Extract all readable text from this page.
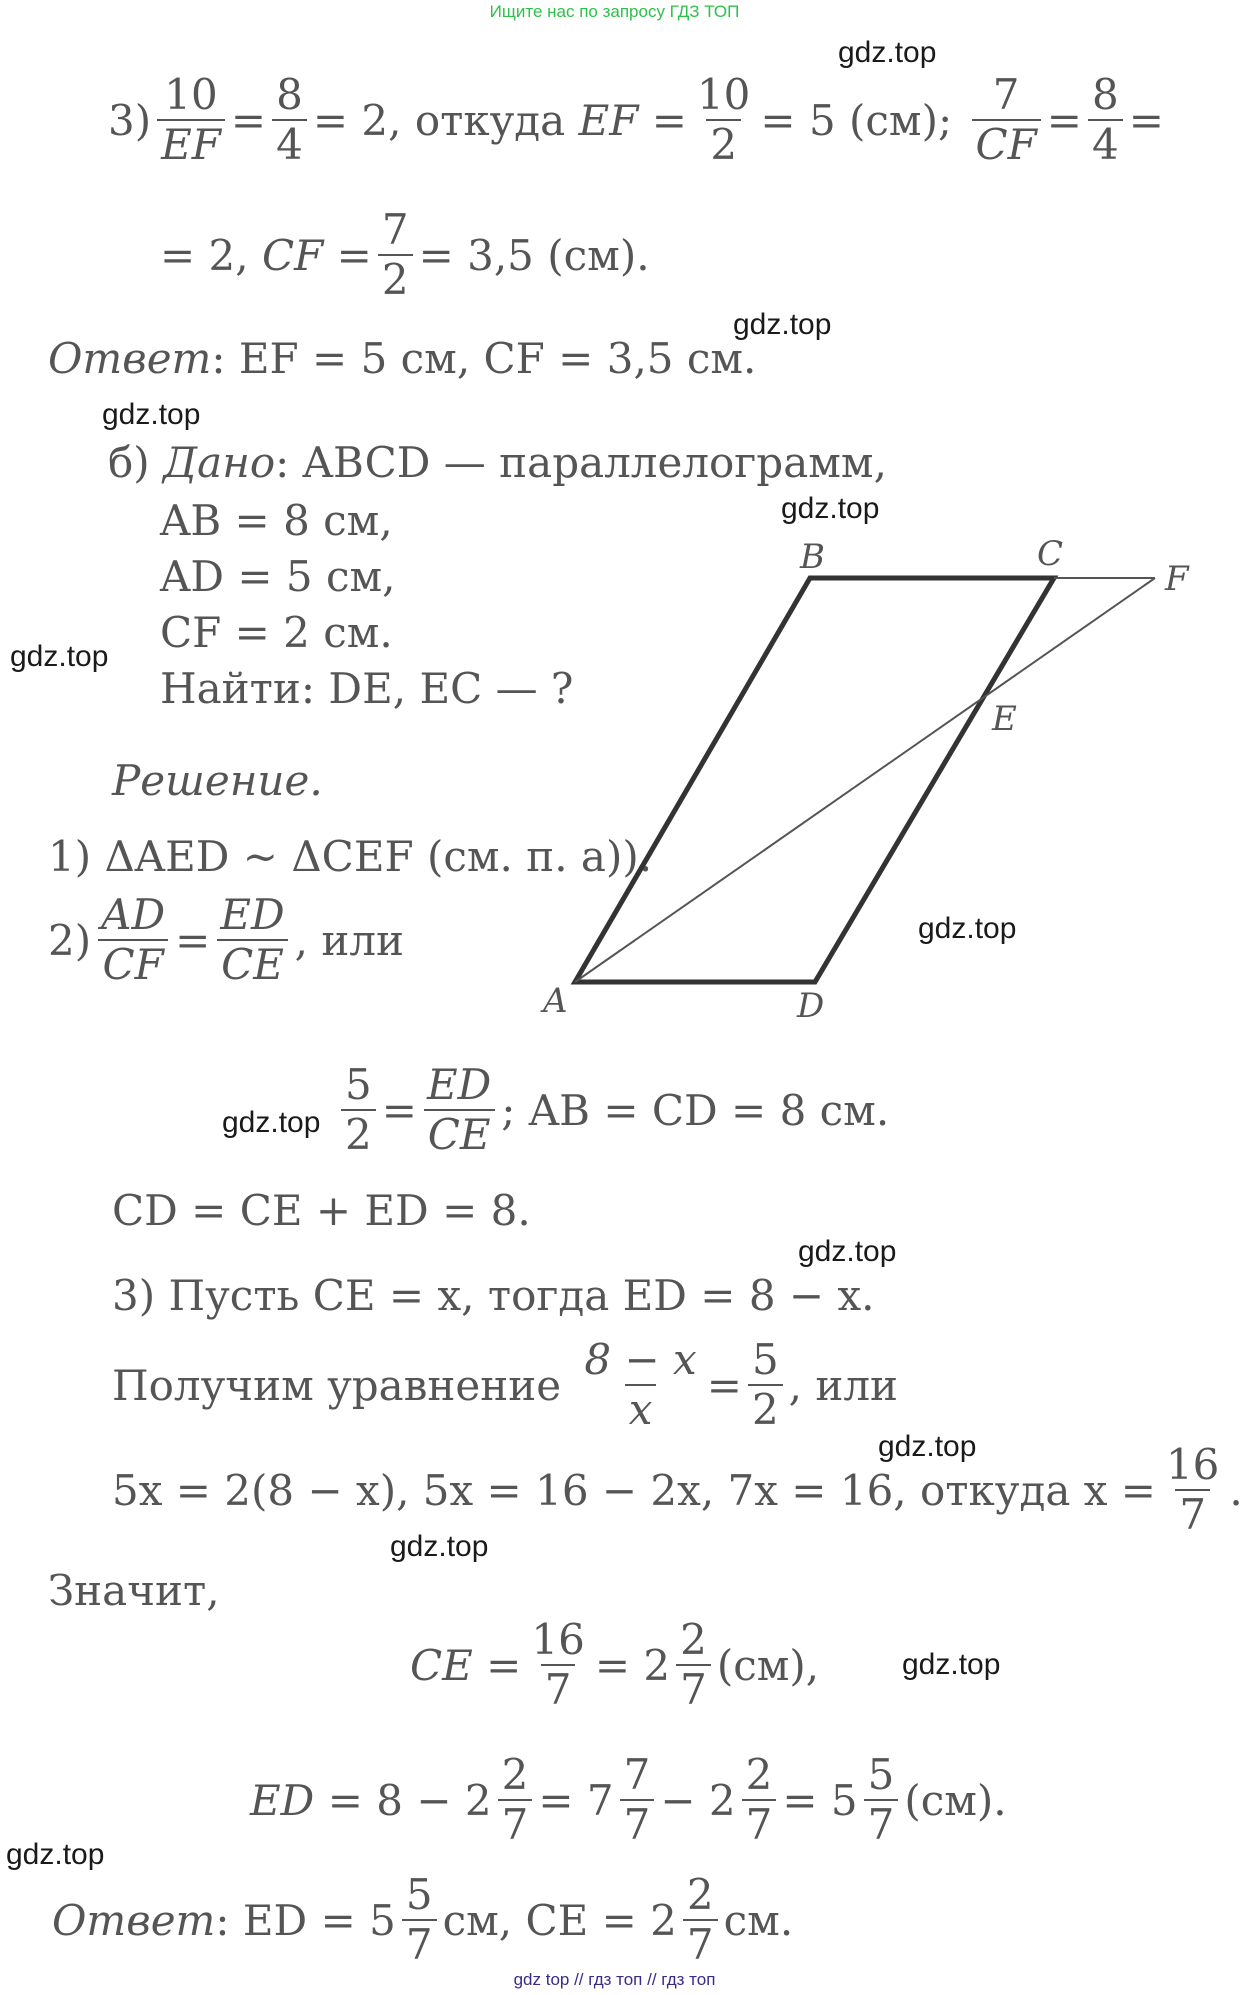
Ищите нас по запросу ГДЗ ТОП
$3) \frac{10}{EF} = \frac{8}{4} = 2$, откуда
EF
= $\frac{10}{2} = 5$ (см);
$\frac{7}{CF} = \frac{8}{4}$ =
= 2,
CF
= $\frac{7}{2} = 3,5$ (см).
Ответ : EF = 5 см, CF = 3,5 см.
б)
Дано : ABCD — параллелограмм,
AB = 8 см,
AD = 5 см,
CF = 2 см.
Найти:
DE, EC — ?
Решение.
1) ΔAED ~ ΔCEF (см. п. a)).
$2) \frac{AD}{CF} = \frac{ED}{CE}$ , или
$\frac{5}{2} = \frac{ED}{CE}$ ; AB = CD = 8 см.
CD = CE + ED = 8.
3) Пусть CE = x, тогда ED = 8 − x.
Получим уравнение
$\frac{8 - x}{x} = \frac{5}{2}$ , или
5x = 2(8 − x), 5x = 16 − 2x, 7x = 16, откуда $x = \frac{16}{7}$ .
Значит,
CE
= $\frac{16}{7}$ =
$2 \frac{2}{7} (см)$,
ED
= $8 - 2 \frac{2}{7} = 7 \frac{7}{7} - 2 \frac{2}{7} = 5 \frac{5}{7} (см)$.
Ответ : ED = $5 \frac{5}{7}$ см, CE = $2 \frac{2}{7}$ см.
B	C
F
E
A	D
gdz.top
gdz.top
gdz.top
gdz.top
gdz.top
gdz.top
gdz.top
gdz.top
gdz.top
gdz.top
gdz.top
gdz.top
gdz top // гдз топ // гдз топ
